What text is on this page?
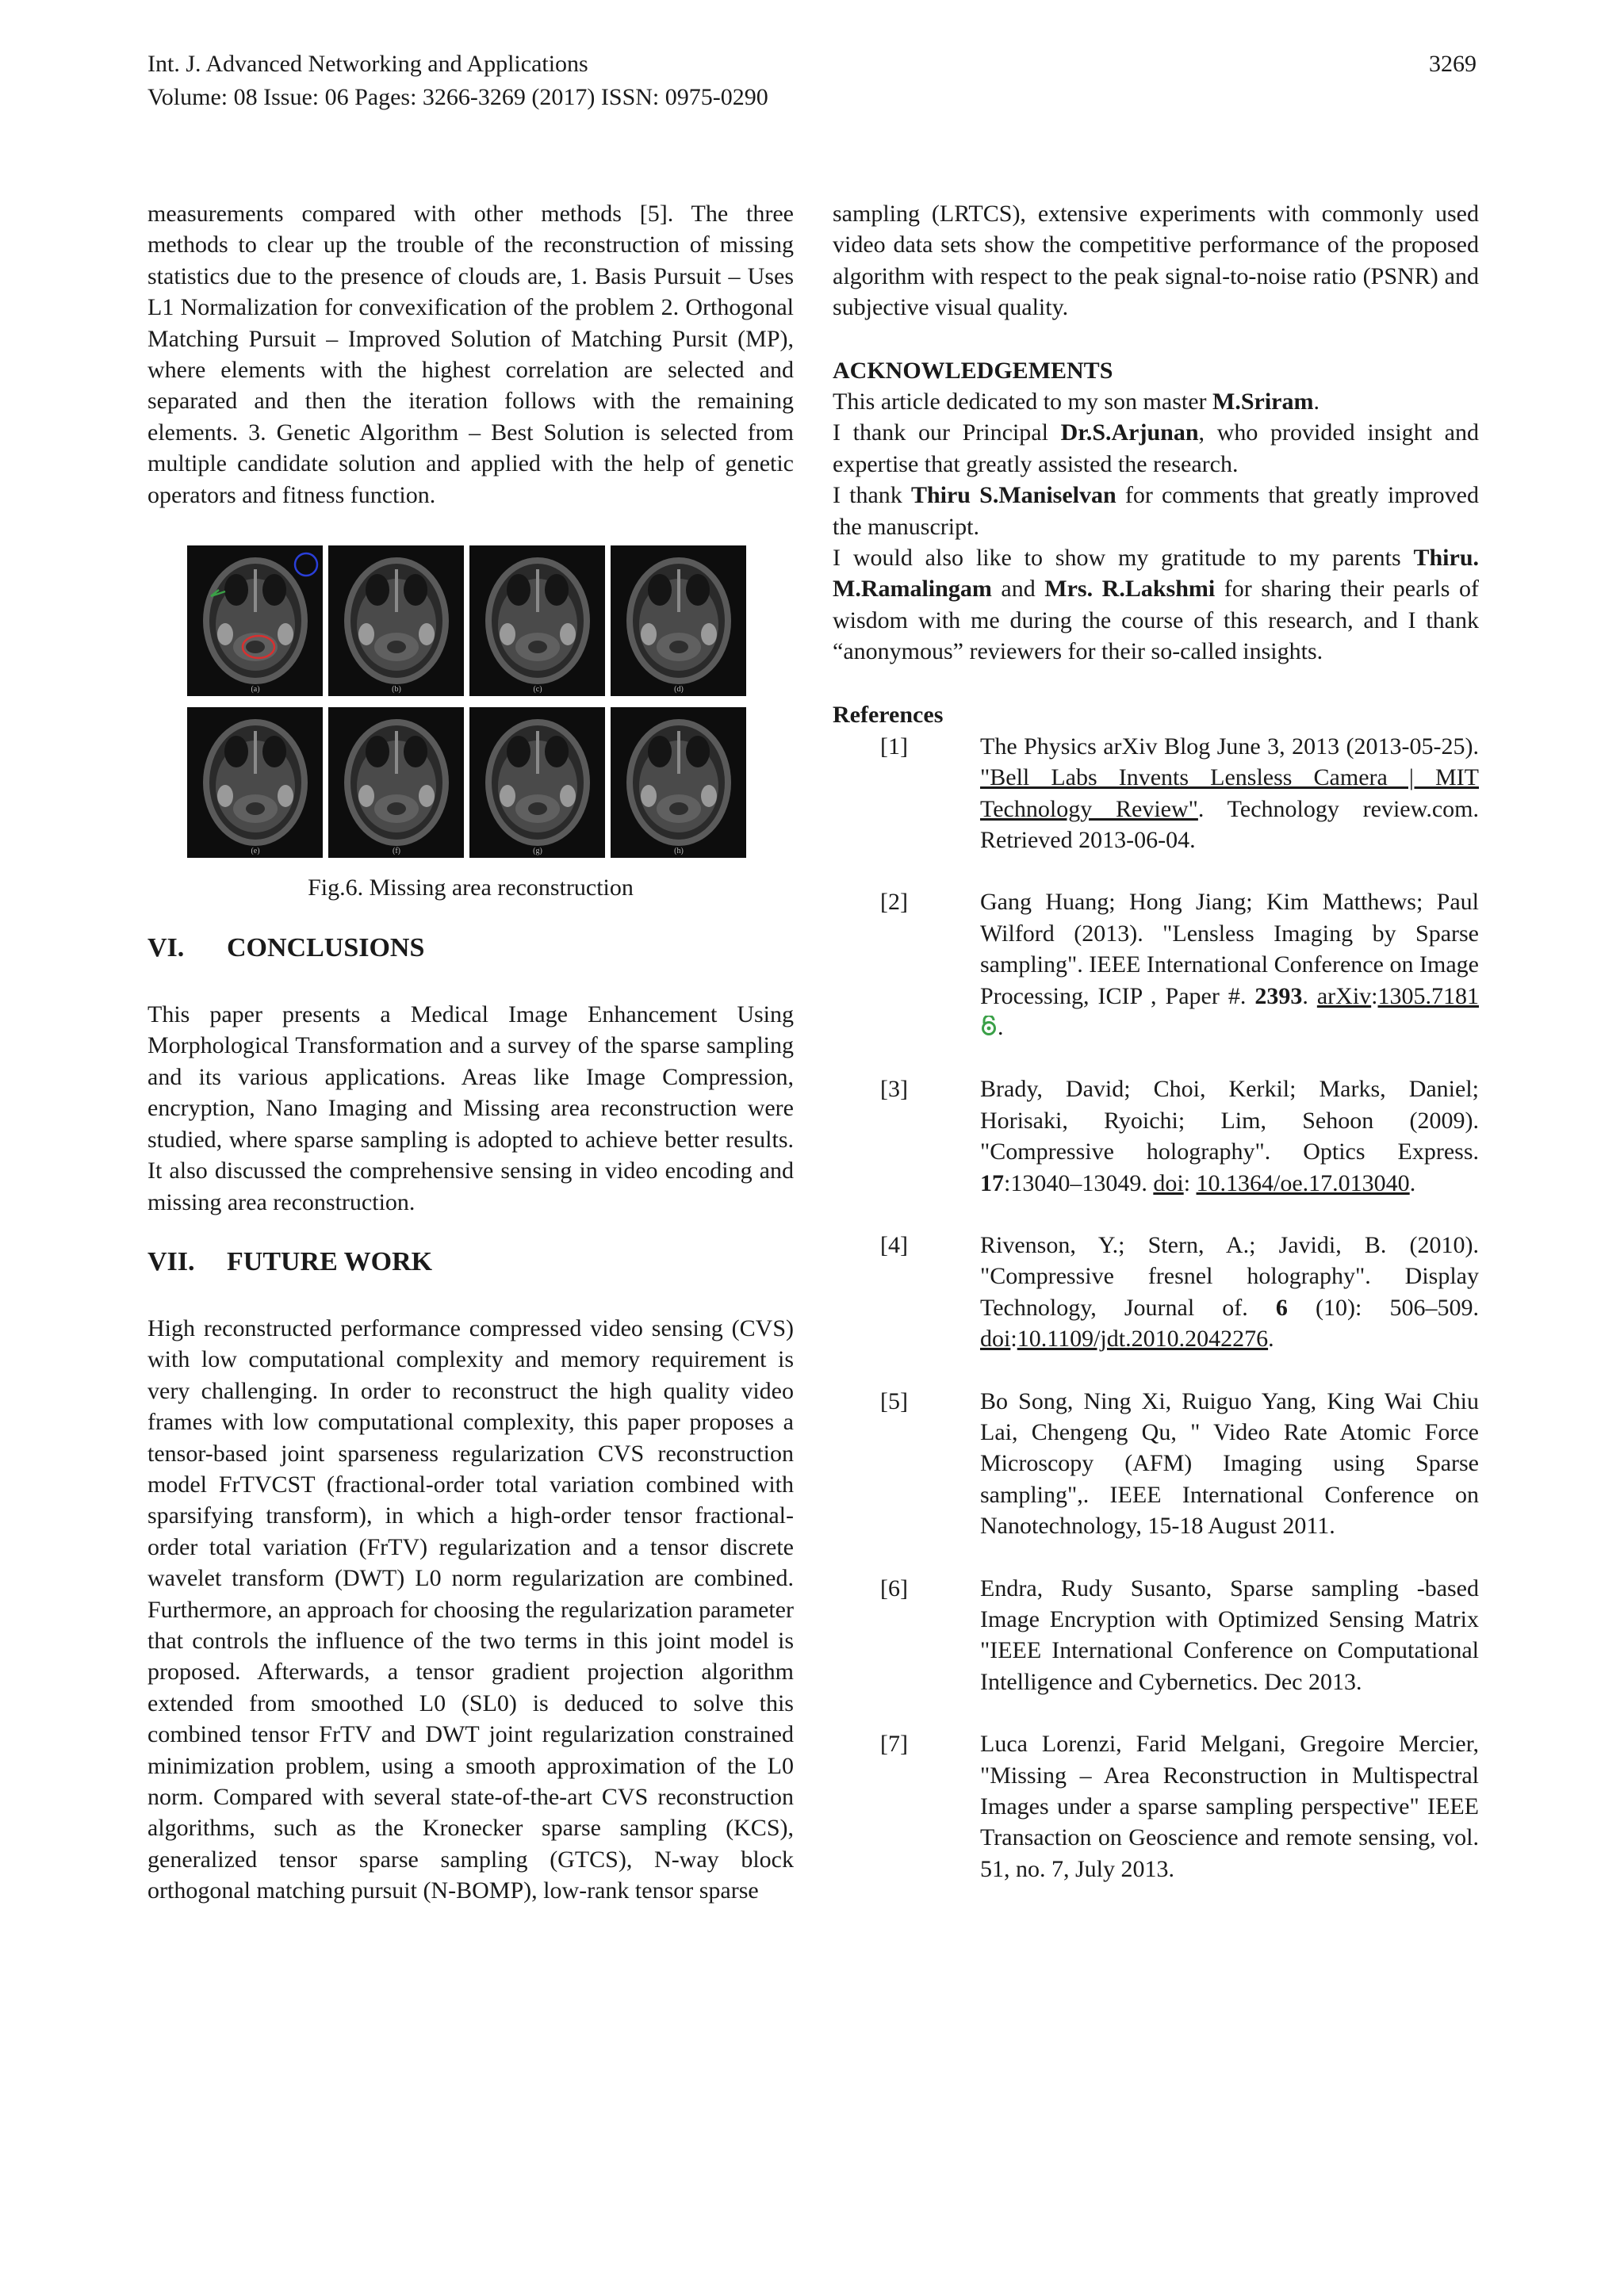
Int. J. Advanced Networking and Applications
Volume: 08 Issue: 06 Pages: 3266-3269 (2017) ISSN: 0975-0290
3269

measurements compared with other methods [5]. The three methods to clear up the trouble of the reconstruction of missing statistics due to the presence of clouds are, 1. Basis Pursuit – Uses L1 Normalization for convexification of the problem 2. Orthogonal Matching Pursuit – Improved Solution of Matching Pursit (MP), where elements with the highest correlation are selected and separated and then the iteration follows with the remaining elements. 3. Genetic Algorithm – Best Solution is selected from multiple candidate solution and applied with the help of genetic operators and fitness function.

(a)	(b)	(c)	(d)
(e)	(f)	(g)	(h)
Fig.6. Missing area reconstruction
VI. CONCLUSIONS

This paper presents a Medical Image Enhancement Using Morphological Transformation and a survey of the sparse sampling and its various applications. Areas like Image Compression, encryption, Nano Imaging and Missing area reconstruction were studied, where sparse sampling is adopted to achieve better results. It also discussed the comprehensive sensing in video encoding and missing area reconstruction.

VII. FUTURE WORK

High reconstructed performance compressed video sensing (CVS) with low computational complexity and memory requirement is very challenging. In order to reconstruct the high quality video frames with low computational complexity, this paper proposes a tensor-based joint sparseness regularization CVS reconstruction model FrTVCST (fractional-order total variation combined with sparsifying transform), in which a high-order tensor fractional-order total variation (FrTV) regularization and a tensor discrete wavelet transform (DWT) L0 norm regularization are combined. Furthermore, an approach for choosing the regularization parameter that controls the influence of the two terms in this joint model is proposed. Afterwards, a tensor gradient projection algorithm extended from smoothed L0 (SL0) is deduced to solve this combined tensor FrTV and DWT joint regularization constrained minimization problem, using a smooth approximation of the L0 norm. Compared with several state-of-the-art CVS reconstruction algorithms, such as the Kronecker sparse sampling (KCS), generalized tensor sparse sampling (GTCS), N-way block orthogonal matching pursuit (N-BOMP), low-rank tensor sparse

sampling (LRTCS), extensive experiments with commonly used video data sets show the competitive performance of the proposed algorithm with respect to the peak signal-to-noise ratio (PSNR) and subjective visual quality.

ACKNOWLEDGEMENTS

This article dedicated to my son master M.Sriram.

I thank our Principal Dr.S.Arjunan, who provided insight and expertise that greatly assisted the research.

I thank Thiru S.Maniselvan for comments that greatly improved the manuscript.

I would also like to show my gratitude to my parents Thiru. M.Ramalingam and Mrs. R.Lakshmi for sharing their pearls of wisdom with me during the course of this research, and I thank “anonymous” reviewers for their so-called insights.

References

[1]	The Physics arXiv Blog June 3, 2013 (2013-05-25). "Bell Labs Invents Lensless Camera | MIT Technology Review". Technology review.com. Retrieved 2013-06-04.
[2]	Gang Huang; Hong Jiang; Kim Matthews; Paul Wilford (2013). "Lensless Imaging by Sparse sampling". IEEE International Conference on Image Processing, ICIP , Paper #. 2393. arXiv:1305.7181 .
[3]	Brady, David; Choi, Kerkil; Marks, Daniel; Horisaki, Ryoichi; Lim, Sehoon (2009). "Compressive holography". Optics Express. 17:13040–13049. doi: 10.1364/oe.17.013040.
[4]	Rivenson, Y.; Stern, A.; Javidi, B. (2010). "Compressive fresnel holography". Display Technology, Journal of. 6 (10): 506–509. doi:10.1109/jdt.2010.2042276.
[5]	Bo Song, Ning Xi, Ruiguo Yang, King Wai Chiu Lai, Chengeng Qu, " Video Rate Atomic Force Microscopy (AFM) Imaging using Sparse sampling",. IEEE International Conference on Nanotechnology, 15-18 August 2011.
[6]	Endra, Rudy Susanto, Sparse sampling -based Image Encryption with Optimized Sensing Matrix "IEEE International Conference on Computational Intelligence and Cybernetics. Dec 2013.
[7]	Luca Lorenzi, Farid Melgani, Gregoire Mercier, "Missing – Area Reconstruction in Multispectral Images under a sparse sampling perspective" IEEE Transaction on Geoscience and remote sensing, vol. 51, no. 7, July 2013.
